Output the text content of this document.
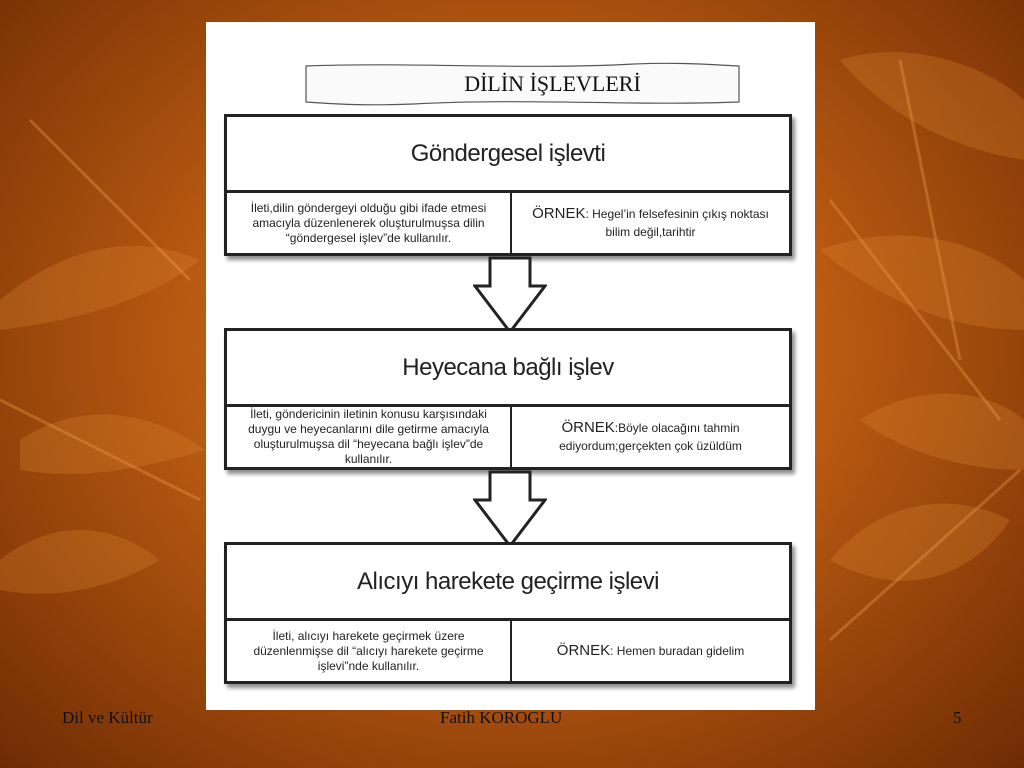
DİLİN İŞLEVLERİ
Göndergesel işlevti
İleti,dilin göndergeyi olduğu gibi ifade etmesi amacıyla düzenlenerek oluşturulmuşsa dilin “göndergesel işlev”de kullanılır.
ÖRNEK: Hegel’in felsefesinin çıkış noktası bilim değil,tarihtir
Heyecana bağlı işlev
İleti, göndericinin iletinin konusu karşısındaki duygu ve heyecanlarını dile getirme amacıyla oluşturulmuşsa dil “heyecana bağlı işlev”de kullanılır.
ÖRNEK:Böyle olacağını tahmin ediyordum;gerçekten çok üzüldüm
Alıcıyı harekete geçirme işlevi
İleti, alıcıyı harekete geçirmek üzere düzenlenmişse dil “alıcıyı harekete geçirme işlevi”nde kullanılır.
ÖRNEK: Hemen buradan gidelim
Dil ve Kültür	Fatih KOROGLU	5
